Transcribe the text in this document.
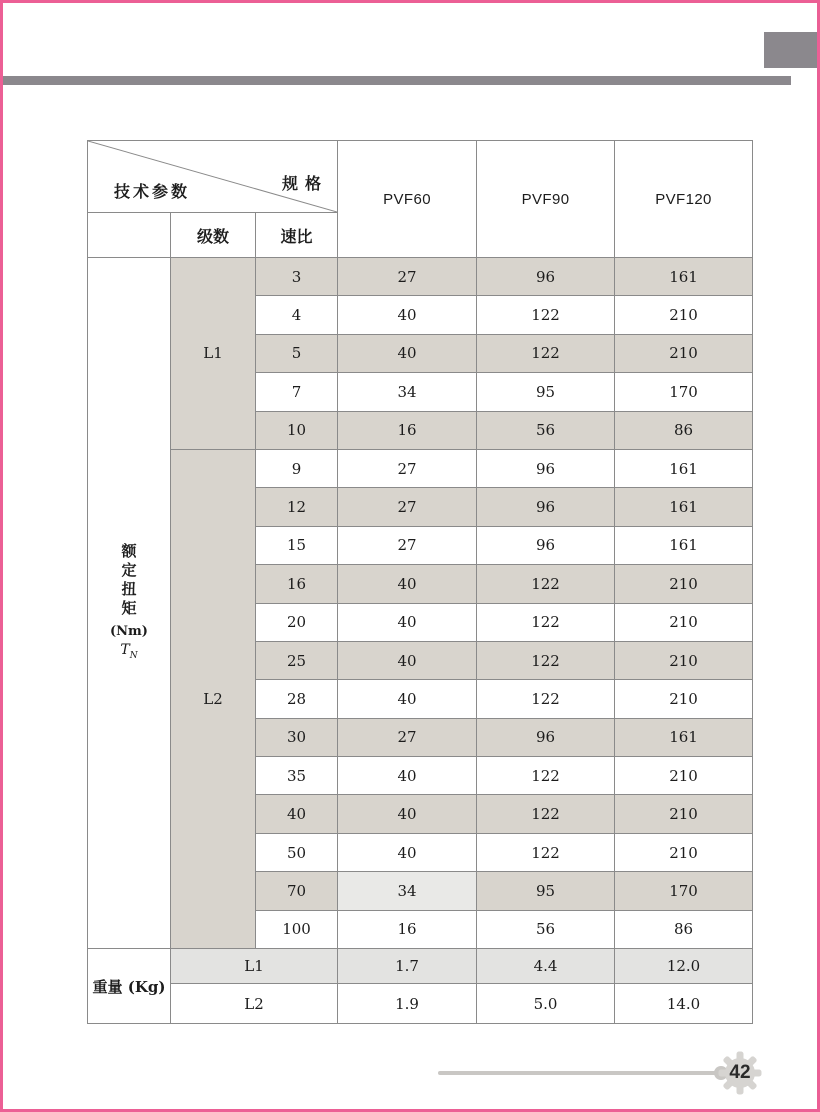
规格
技术参数			PVF60	PVF90	PVF120
	级数	速比			

额
定
扭
矩
(Nm)
$T_N$
	L1	3	27	96	161
		4	40	122	210
		5	40	122	210
		7	34	95	170
		10	16	56	86
	L2	9	27	96	161
		12	27	96	161
		15	27	96	161
		16	40	122	210
		20	40	122	210
		25	40	122	210
		28	40	122	210
		30	27	96	161
		35	40	122	210
		40	40	122	210
		50	40	122	210
		70	34	95	170
		100	16	56	86
重量 (Kg)	L1		1.7	4.4	12.0
	L2		1.9	5.0	14.0
42
